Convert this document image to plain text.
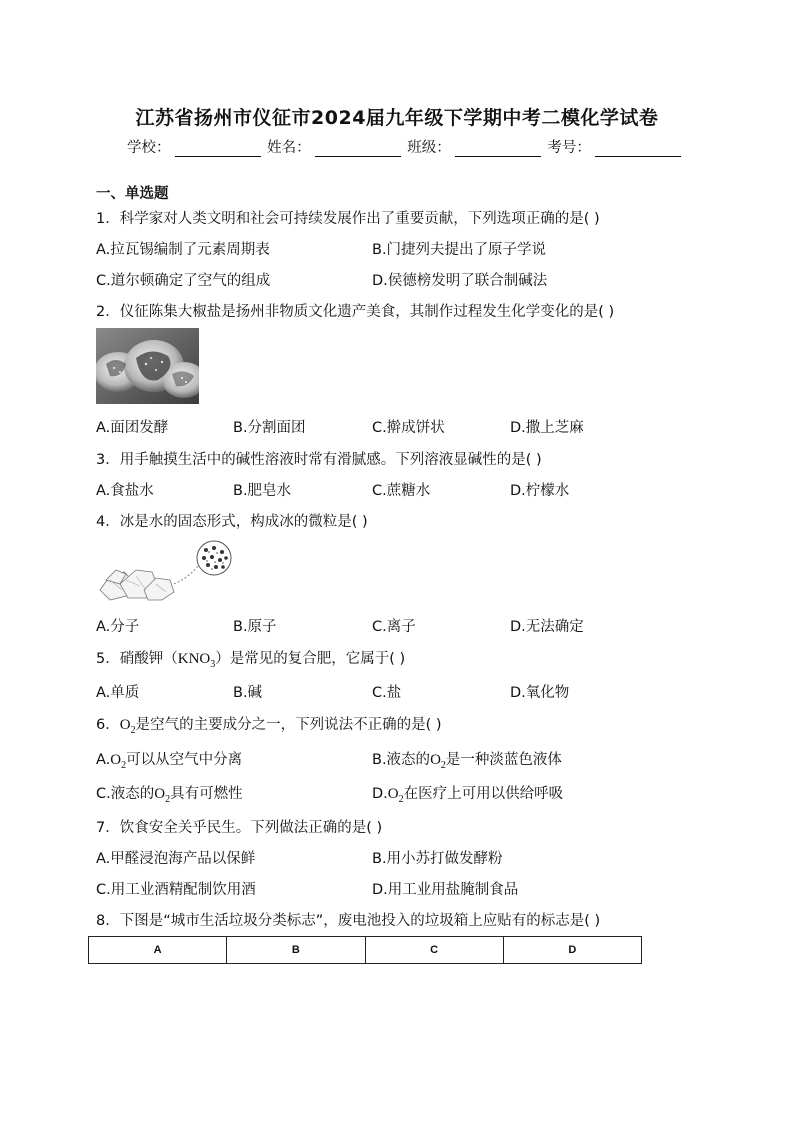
江苏省扬州市仪征市2024届九年级下学期中考二模化学试卷
学校：	姓名：	班级：	考号：
一、单选题
1．科学家对人类文明和社会可持续发展作出了重要贡献，下列选项正确的是( )
A.拉瓦锡编制了元素周期表	B.门捷列夫提出了原子学说
C.道尔顿确定了空气的组成	D.侯德榜发明了联合制碱法
2．仪征陈集大椒盐是扬州非物质文化遗产美食，其制作过程发生化学变化的是( )
A.面团发酵	B.分割面团	C.擀成饼状	D.撒上芝麻
3．用手触摸生活中的碱性溶液时常有滑腻感。下列溶液显碱性的是( )
A.食盐水	B.肥皂水	C.蔗糖水	D.柠檬水
4．冰是水的固态形式，构成冰的微粒是( )
A.分子	B.原子	C.离子	D.无法确定
5．硝酸钾$(KNO_3)$是常见的复合肥，它属于( )
A.单质	B.碱	C.盐	D.氧化物
6．$O_2$是空气的主要成分之一，下列说法不正确的是( )
$A.O_2$可以从空气中分离	B.液态的$O_2$是一种淡蓝色液体
C.液态的$O_2$具有可燃性	$D.O_2$在医疗上可用以供给呼吸
7．饮食安全关乎民生。下列做法正确的是( )
A.甲醛浸泡海产品以保鲜	B.用小苏打做发酵粉
C.用工业酒精配制饮用酒	D.用工业用盐腌制食品
8．下图是“城市生活垃圾分类标志”，废电池投入的垃圾箱上应贴有的标志是( )
A	B	C	D
